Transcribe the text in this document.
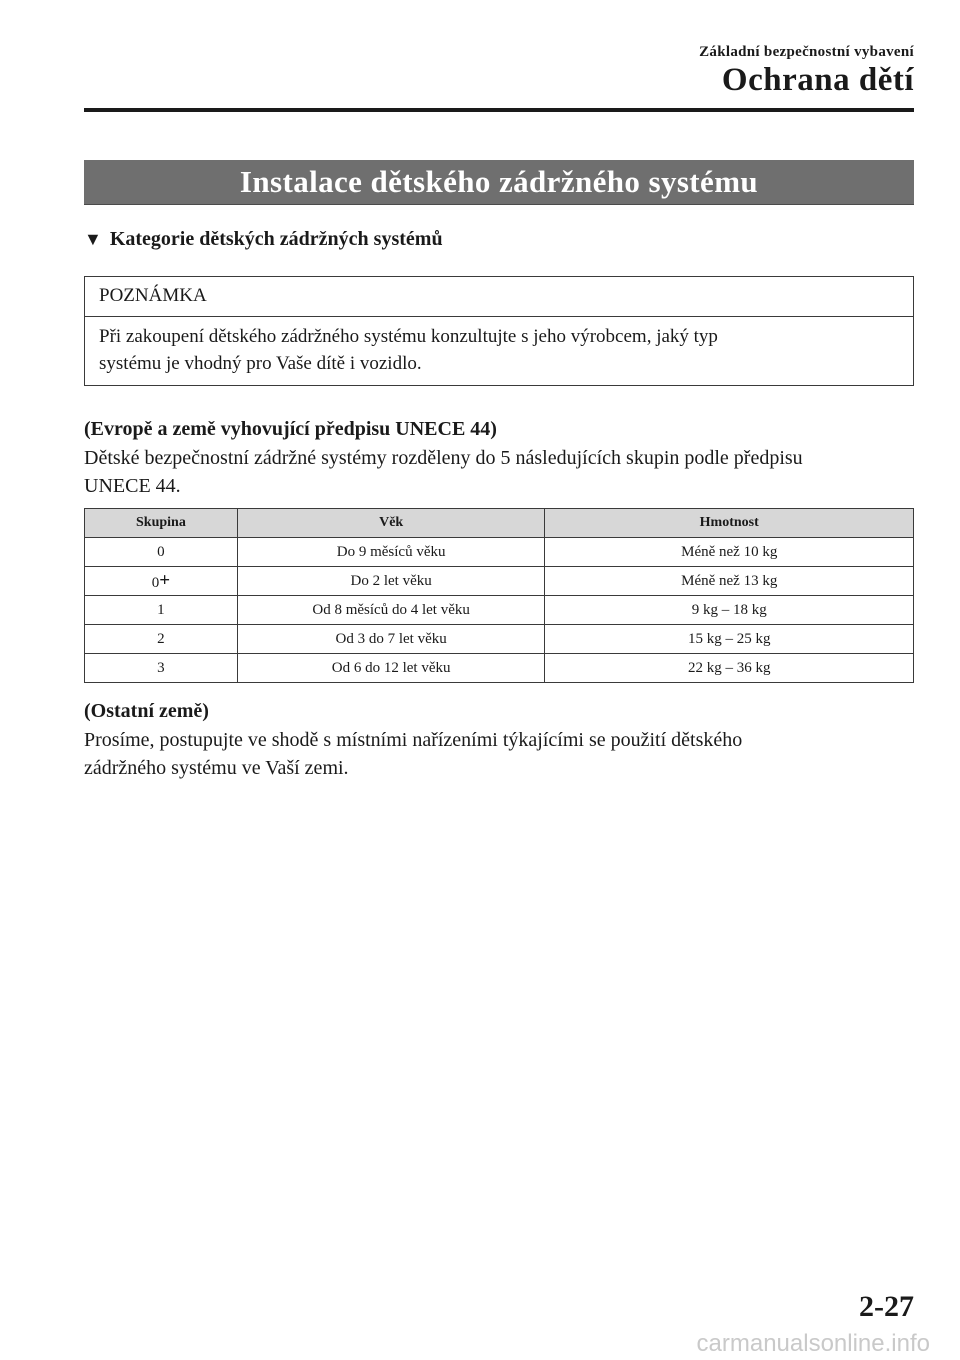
Základní bezpečnostní vybavení
Ochrana dětí
Instalace dětského zádržného systému
▼ Kategorie dětských zádržných systémů
POZNÁMKA
Při zakoupení dětského zádržného systému konzultujte s jeho výrobcem, jaký typ
systému je vhodný pro Vaše dítě i vozidlo.
(Evropě a země vyhovující předpisu UNECE 44)
Dětské bezpečnostní zádržné systémy rozděleny do 5 následujících skupin podle předpisu
UNECE 44.
Skupina	Věk	Hmotnost
0	Do 9 měsíců věku	Méně než 10 kg
0+	Do 2 let věku	Méně než 13 kg
1	Od 8 měsíců do 4 let věku	9 kg – 18 kg
2	Od 3 do 7 let věku	15 kg – 25 kg
3	Od 6 do 12 let věku	22 kg – 36 kg
(Ostatní země)
Prosíme, postupujte ve shodě s místními nařízeními týkajícími se použití dětského
zádržného systému ve Vaší zemi.
2-27
carmanualsonline.info
